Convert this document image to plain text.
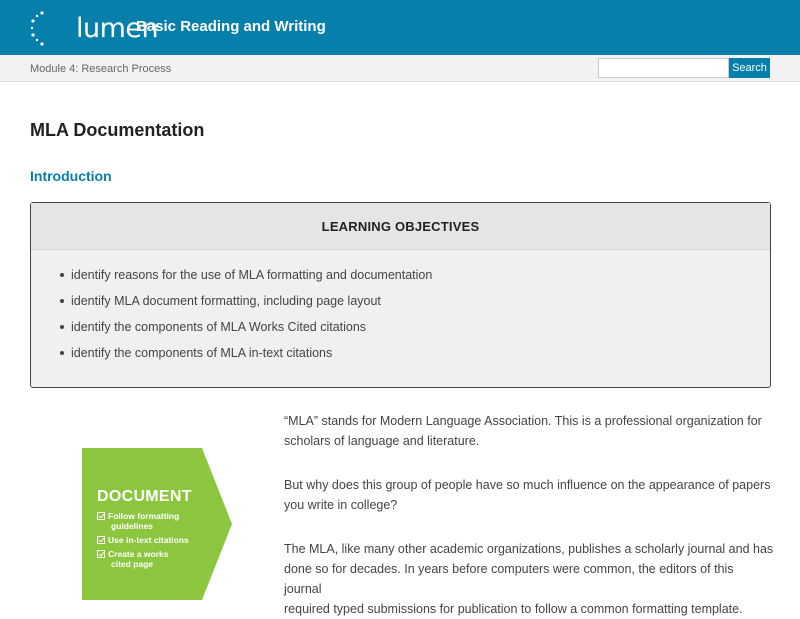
lumen
Basic Reading and Writing
Module 4: Research Process	Search
MLA Documentation
Introduction
LEARNING OBJECTIVES
identify reasons for the use of MLA formatting and documentation
identify MLA document formatting, including page layout
identify the components of MLA Works Cited citations
identify the components of MLA in-text citations
DOCUMENT
Follow formatting
guidelines
Use in-text citations
Create a works
cited page
“MLA” stands for Modern Language Association. This is a professional organization for
scholars of language and literature.
But why does this group of people have so much influence on the appearance of papers
you write in college?
The MLA, like many other academic organizations, publishes a scholarly journal and has
done so for decades. In years before computers were common, the editors of this journal
required typed submissions for publication to follow a common formatting template.
